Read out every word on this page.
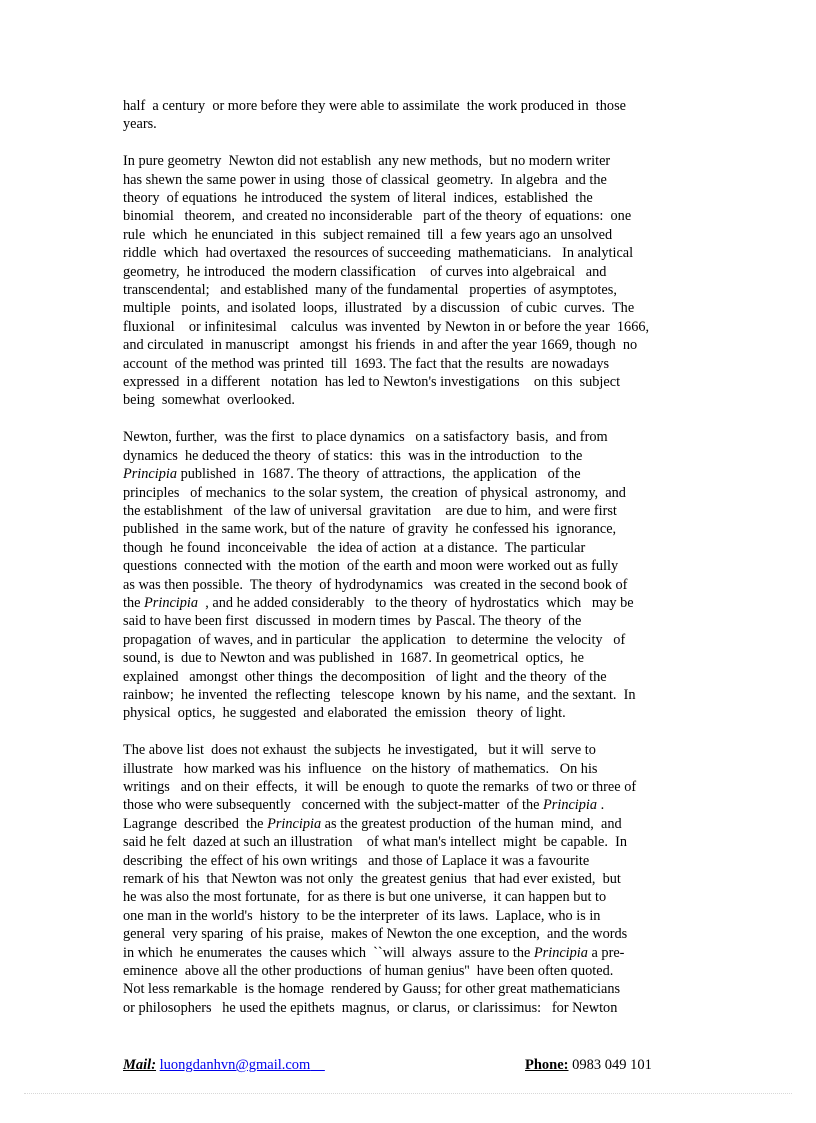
half  a century  or more before they were able to assimilate  the work produced in  those
years.

In pure geometry  Newton did not establish  any new methods,  but no modern writer
has shewn the same power in using  those of classical  geometry.  In algebra  and the
theory  of equations  he introduced  the system  of literal  indices,  established  the
binomial   theorem,  and created no inconsiderable   part of the theory  of equations:  one
rule  which  he enunciated  in this  subject remained  till  a few years ago an unsolved
riddle  which  had overtaxed  the resources of succeeding  mathematicians.   In analytical
geometry,  he introduced  the modern classification    of curves into algebraical   and
transcendental;   and established  many of the fundamental   properties  of asymptotes,
multiple   points,  and isolated  loops,  illustrated   by a discussion   of cubic  curves.  The
fluxional    or infinitesimal    calculus  was invented  by Newton in or before the year  1666,
and circulated  in manuscript   amongst  his friends  in and after the year 1669, though  no
account  of the method was printed  till  1693. The fact that the results  are nowadays
expressed  in a different   notation  has led to Newton's investigations    on this  subject
being  somewhat  overlooked.

Newton, further,  was the first  to place dynamics   on a satisfactory  basis,  and from
dynamics  he deduced the theory  of statics:  this  was in the introduction   to the
Principia published  in  1687. The theory  of attractions,  the application   of the
principles   of mechanics  to the solar system,  the creation  of physical  astronomy,  and
the establishment   of the law of universal  gravitation    are due to him,  and were first
published  in the same work, but of the nature  of gravity  he confessed his  ignorance,
though  he found  inconceivable   the idea of action  at a distance.  The particular
questions  connected with  the motion  of the earth and moon were worked out as fully
as was then possible.  The theory  of hydrodynamics   was created in the second book of
the Principia  , and he added considerably   to the theory  of hydrostatics  which   may be
said to have been first  discussed  in modern times  by Pascal. The theory  of the
propagation  of waves, and in particular   the application   to determine  the velocity   of
sound, is  due to Newton and was published  in  1687. In geometrical  optics,  he
explained   amongst  other things  the decomposition   of light  and the theory  of the
rainbow;  he invented  the reflecting   telescope  known  by his name,  and the sextant.  In
physical  optics,  he suggested  and elaborated  the emission   theory  of light.

The above list  does not exhaust  the subjects  he investigated,   but it will  serve to
illustrate   how marked was his  influence   on the history  of mathematics.   On his
writings   and on their  effects,  it will  be enough  to quote the remarks  of two or three of
those who were subsequently   concerned with  the subject-matter  of the Principia .
Lagrange  described  the Principia as the greatest production  of the human  mind,  and
said he felt  dazed at such an illustration    of what man's intellect  might  be capable.  In
describing  the effect of his own writings   and those of Laplace it was a favourite
remark of his  that Newton was not only  the greatest genius  that had ever existed,  but
he was also the most fortunate,  for as there is but one universe,  it can happen but to
one man in the world's  history  to be the interpreter  of its laws.  Laplace, who is in
general  very sparing  of his praise,  makes of Newton the one exception,  and the words
in which  he enumerates  the causes which  ``will  always  assure to the Principia a pre-
eminence  above all the other productions  of human genius''  have been often quoted.
Not less remarkable  is the homage  rendered by Gauss; for other great mathematicians
or philosophers   he used the epithets  magnus,  or clarus,  or clarissimus:   for Newton

Mail: luongdanhvn@gmail.com	Phone: 0983 049 101
